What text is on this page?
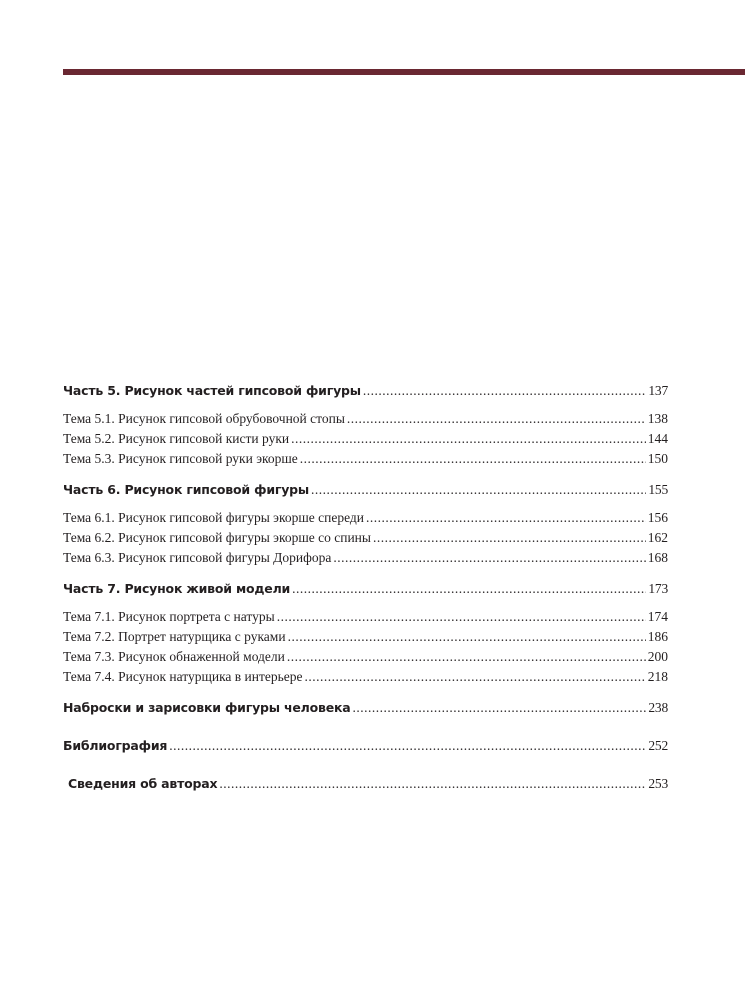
Часть 5. Рисунок частей гипсовой фигуры .....	137
Тема 5.1. Рисунок гипсовой обрубовочной стопы .....	138
Тема 5.2. Рисунок гипсовой кисти руки .....	144
Тема 5.3. Рисунок гипсовой руки экорше .....	150
Часть 6. Рисунок гипсовой фигуры .....	155
Тема 6.1. Рисунок гипсовой фигуры экорше спереди .....	156
Тема 6.2. Рисунок гипсовой фигуры экорше со спины .....	162
Тема 6.3. Рисунок гипсовой фигуры Дорифора .....	168
Часть 7. Рисунок живой модели .....	173
Тема 7.1. Рисунок портрета с натуры .....	174
Тема 7.2. Портрет натурщика с руками .....	186
Тема 7.3. Рисунок обнаженной модели .....	200
Тема 7.4. Рисунок натурщика в интерьере .....	218
Наброски и зарисовки фигуры человека .....	238
Библиография .....	252
Сведения об авторах .....	253
